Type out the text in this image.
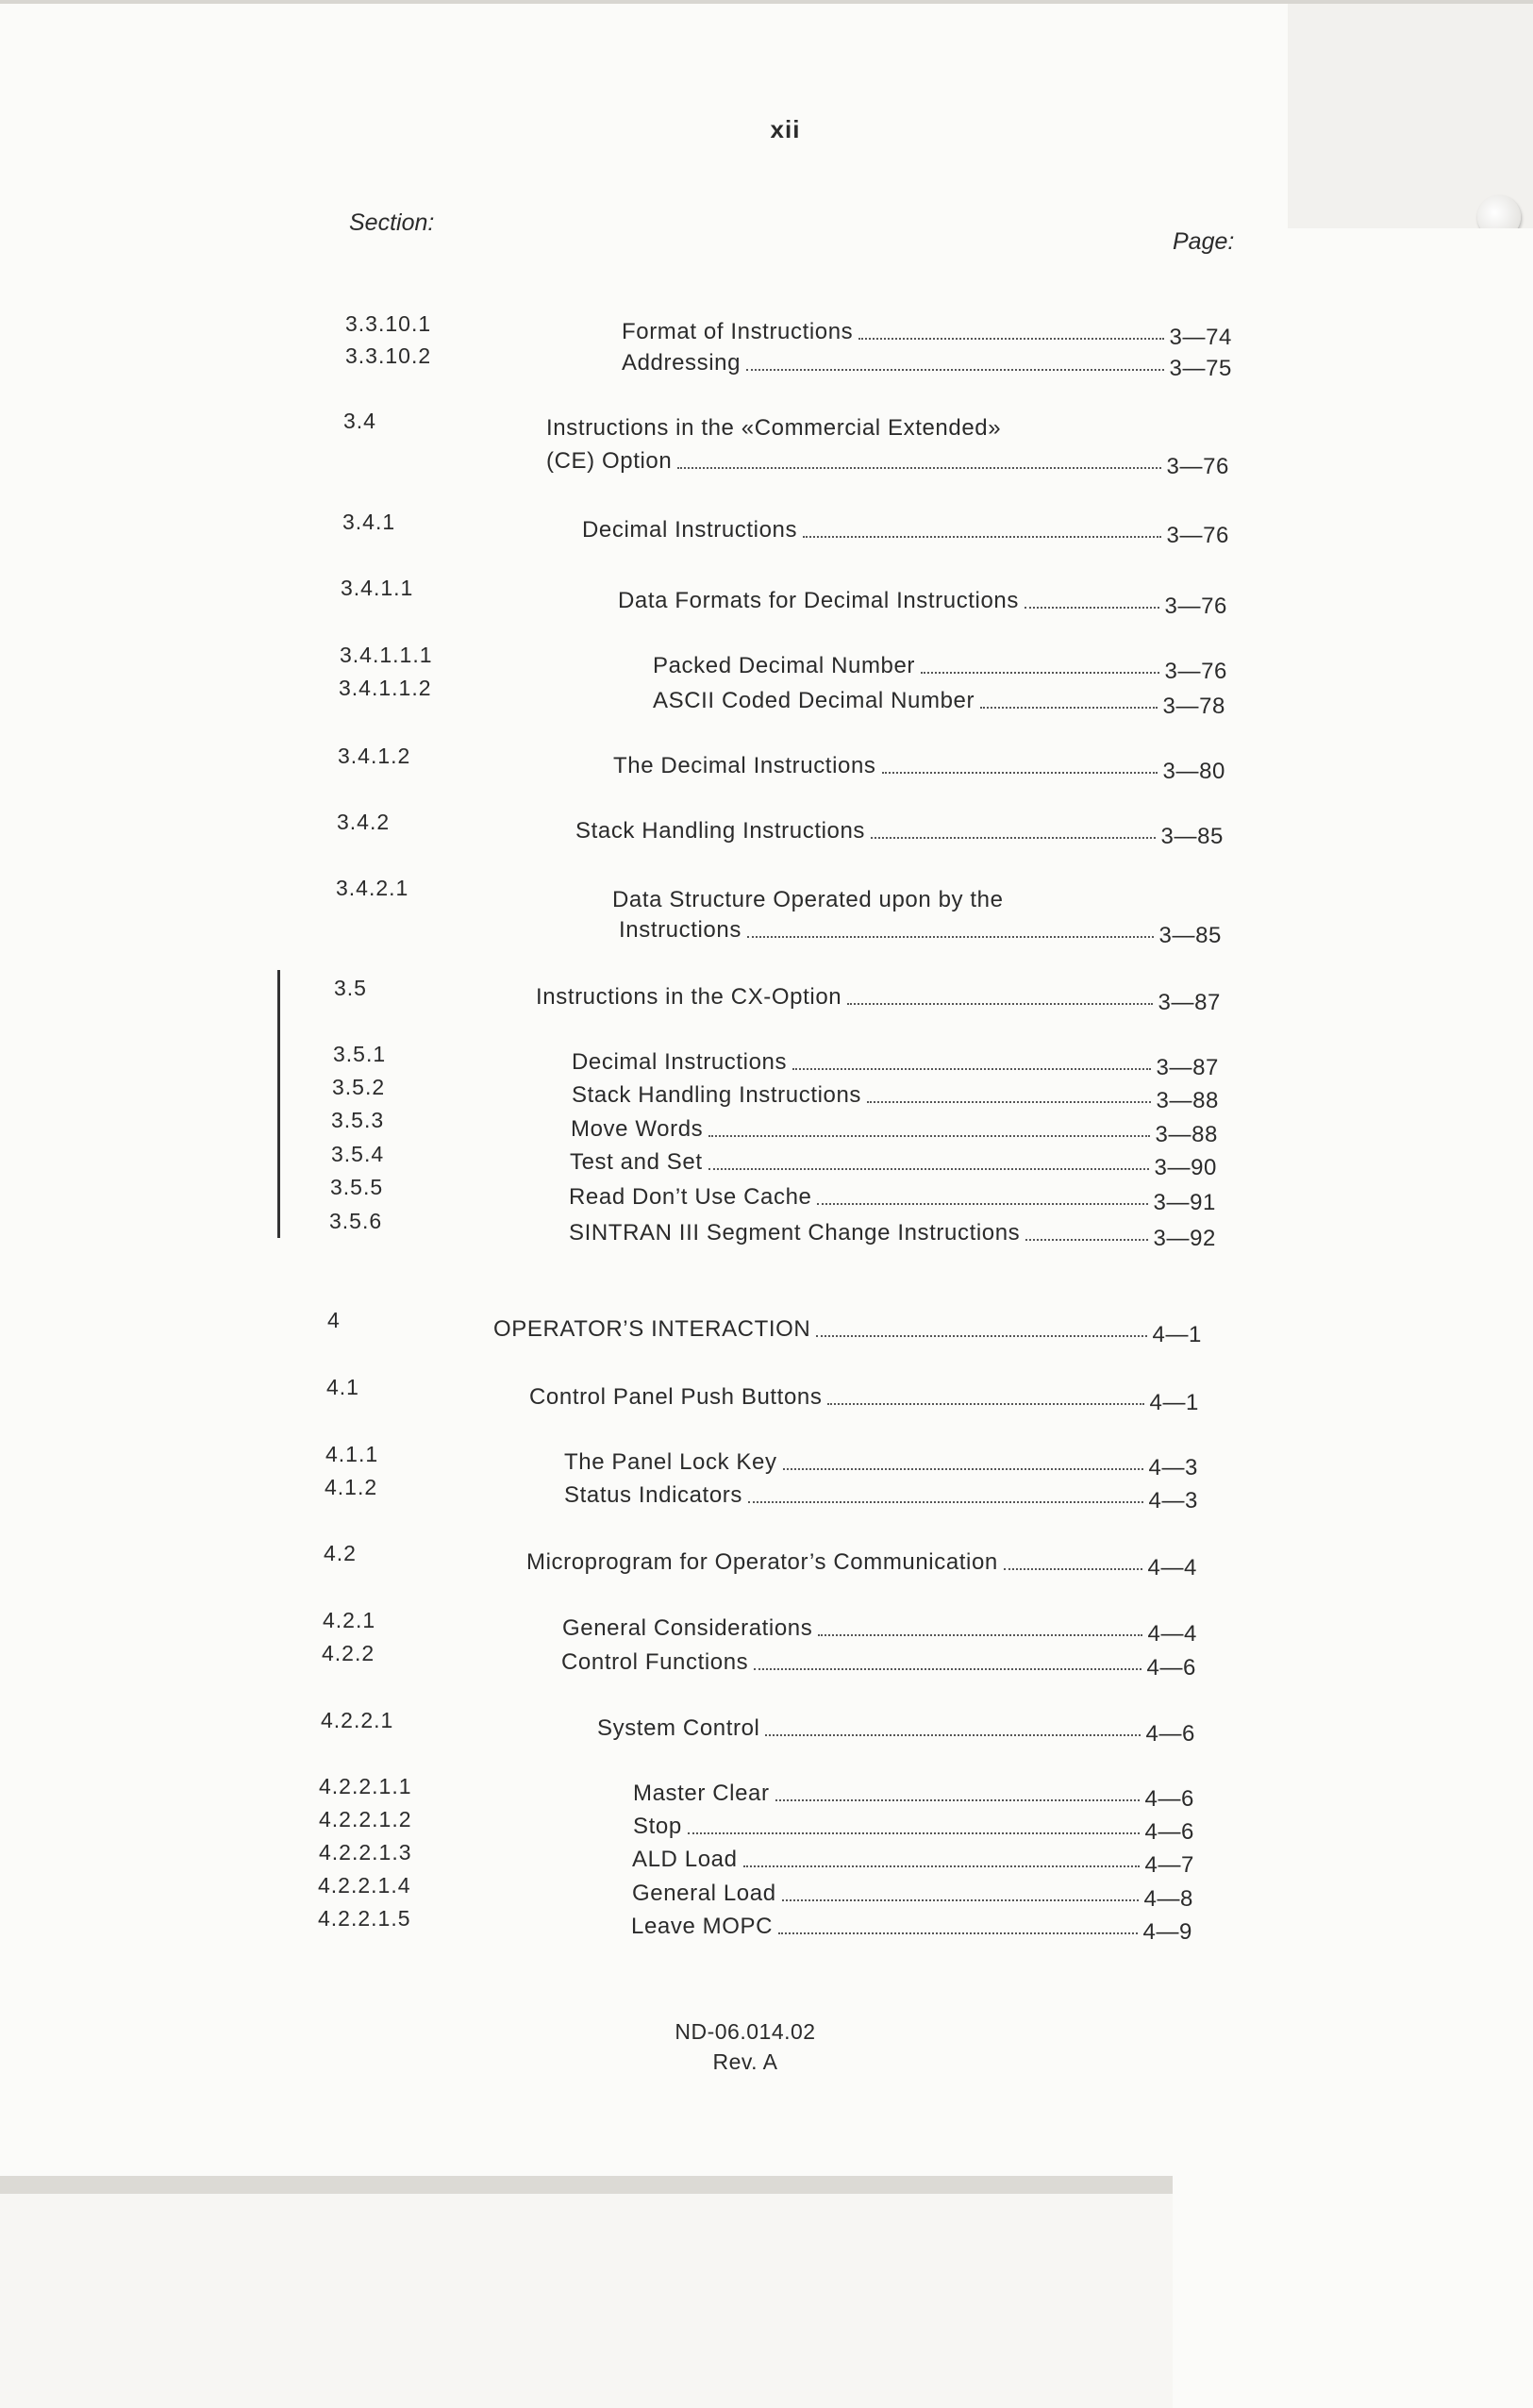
xii
Section:
Page:
3.3.10.1	Format of Instructions	3—74
3.3.10.2	Addressing	3—75
3.4	Instructions in the «Commercial Extended»
(CE) Option	3—76
3.4.1	Decimal Instructions	3—76
3.4.1.1	Data Formats for Decimal Instructions	3—76
3.4.1.1.1	Packed Decimal Number	3—76
3.4.1.1.2	ASCII Coded Decimal Number	3—78
3.4.1.2	The Decimal Instructions	3—80
3.4.2	Stack Handling Instructions	3—85
3.4.2.1	Data Structure Operated upon by the
Instructions	3—85
3.5	Instructions in the CX-Option	3—87
3.5.1	Decimal Instructions	3—87
3.5.2	Stack Handling Instructions	3—88
3.5.3	Move Words	3—88
3.5.4	Test and Set	3—90
3.5.5	Read Don’t Use Cache	3—91
3.5.6	SINTRAN III Segment Change Instructions	3—92
4	OPERATOR’S INTERACTION	4—1
4.1	Control Panel Push Buttons	4—1
4.1.1	The Panel Lock Key	4—3
4.1.2	Status Indicators	4—3
4.2	Microprogram for Operator’s Communication	4—4
4.2.1	General Considerations	4—4
4.2.2	Control Functions	4—6
4.2.2.1	System Control	4—6
4.2.2.1.1	Master Clear	4—6
4.2.2.1.2	Stop	4—6
4.2.2.1.3	ALD Load	4—7
4.2.2.1.4	General Load	4—8
4.2.2.1.5	Leave MOPC	4—9
ND-06.014.02
Rev. A
